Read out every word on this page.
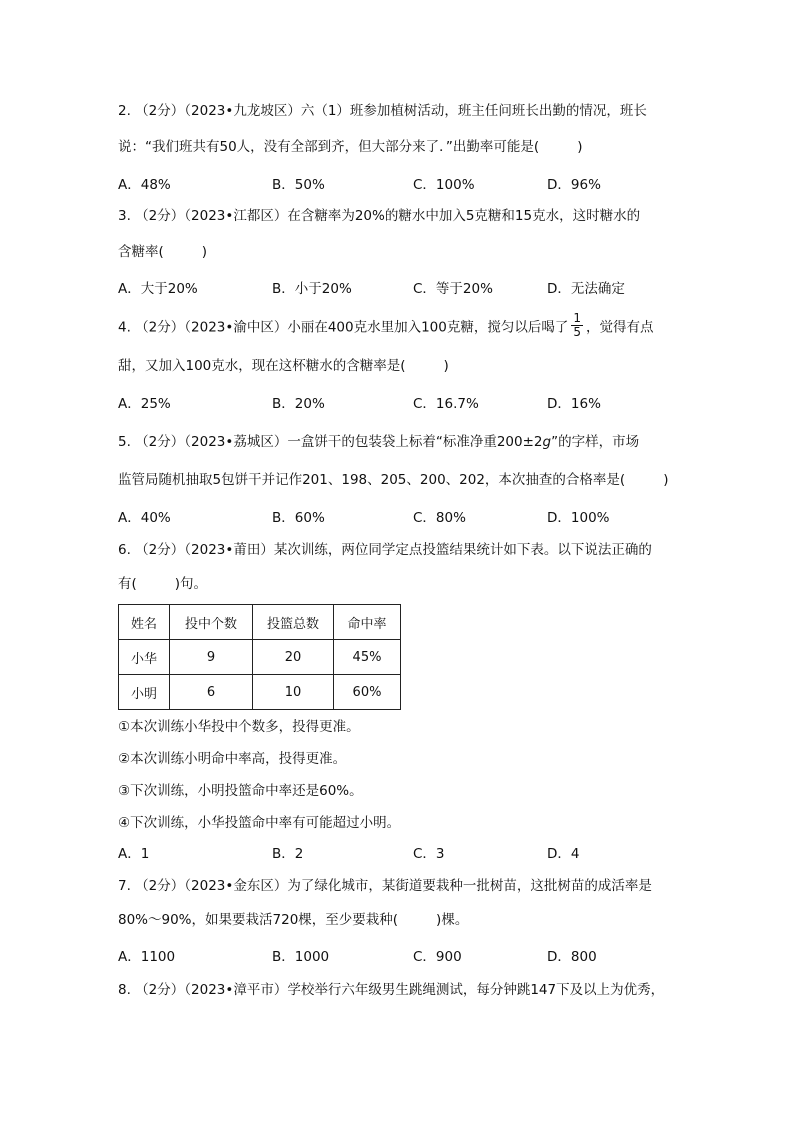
2. （2分）（2023•九龙坡区）六（1）班参加植树活动，班主任问班长出勤的情况，班长
说：“我们班共有50人，没有全部到齐，但大部分来了．”出勤率可能是(	)
A．48%	B．50%	C．100%	D．96%
3. （2分）（2023•江都区）在含糖率为20%的糖水中加入5克糖和15克水，这时糖水的
含糖率(	)
A．大于20%	B．小于20%	C．等于20%	D．无法确定
4. （2分）（2023•渝中区）小丽在400克水里加入100克糖，搅匀以后喝了 $\frac{1}{5}$ ，觉得有点
甜，又加入100克水，现在这杯糖水的含糖率是(	)
A．25%	B．20%	C．16.7%	D．16%
5. （2分）（2023•荔城区）一盒饼干的包装袋上标着“标准净重200±2g”的字样，市场
监管局随机抽取5包饼干并记作201、198、205、200、202，本次抽查的合格率是(	)
A．40%	B．60%	C．80%	D．100%
6. （2分）（2023•莆田）某次训练，两位同学定点投篮结果统计如下表。以下说法正确的
有(	)句。
姓名	投中个数	投篮总数	命中率
小华	9	20	45%
小明	6	10	60%
①本次训练小华投中个数多，投得更准。
②本次训练小明命中率高，投得更准。
③下次训练，小明投篮命中率还是60%。
④下次训练，小华投篮命中率有可能超过小明。
A．1	B．2	C．3	D．4
7. （2分）（2023•金东区）为了绿化城市，某街道要栽种一批树苗，这批树苗的成活率是
80%～90%，如果要栽活720棵，至少要栽种(	)棵。
A．1100	B．1000	C．900	D．800
8. （2分）（2023•漳平市）学校举行六年级男生跳绳测试，每分钟跳147下及以上为优秀，
